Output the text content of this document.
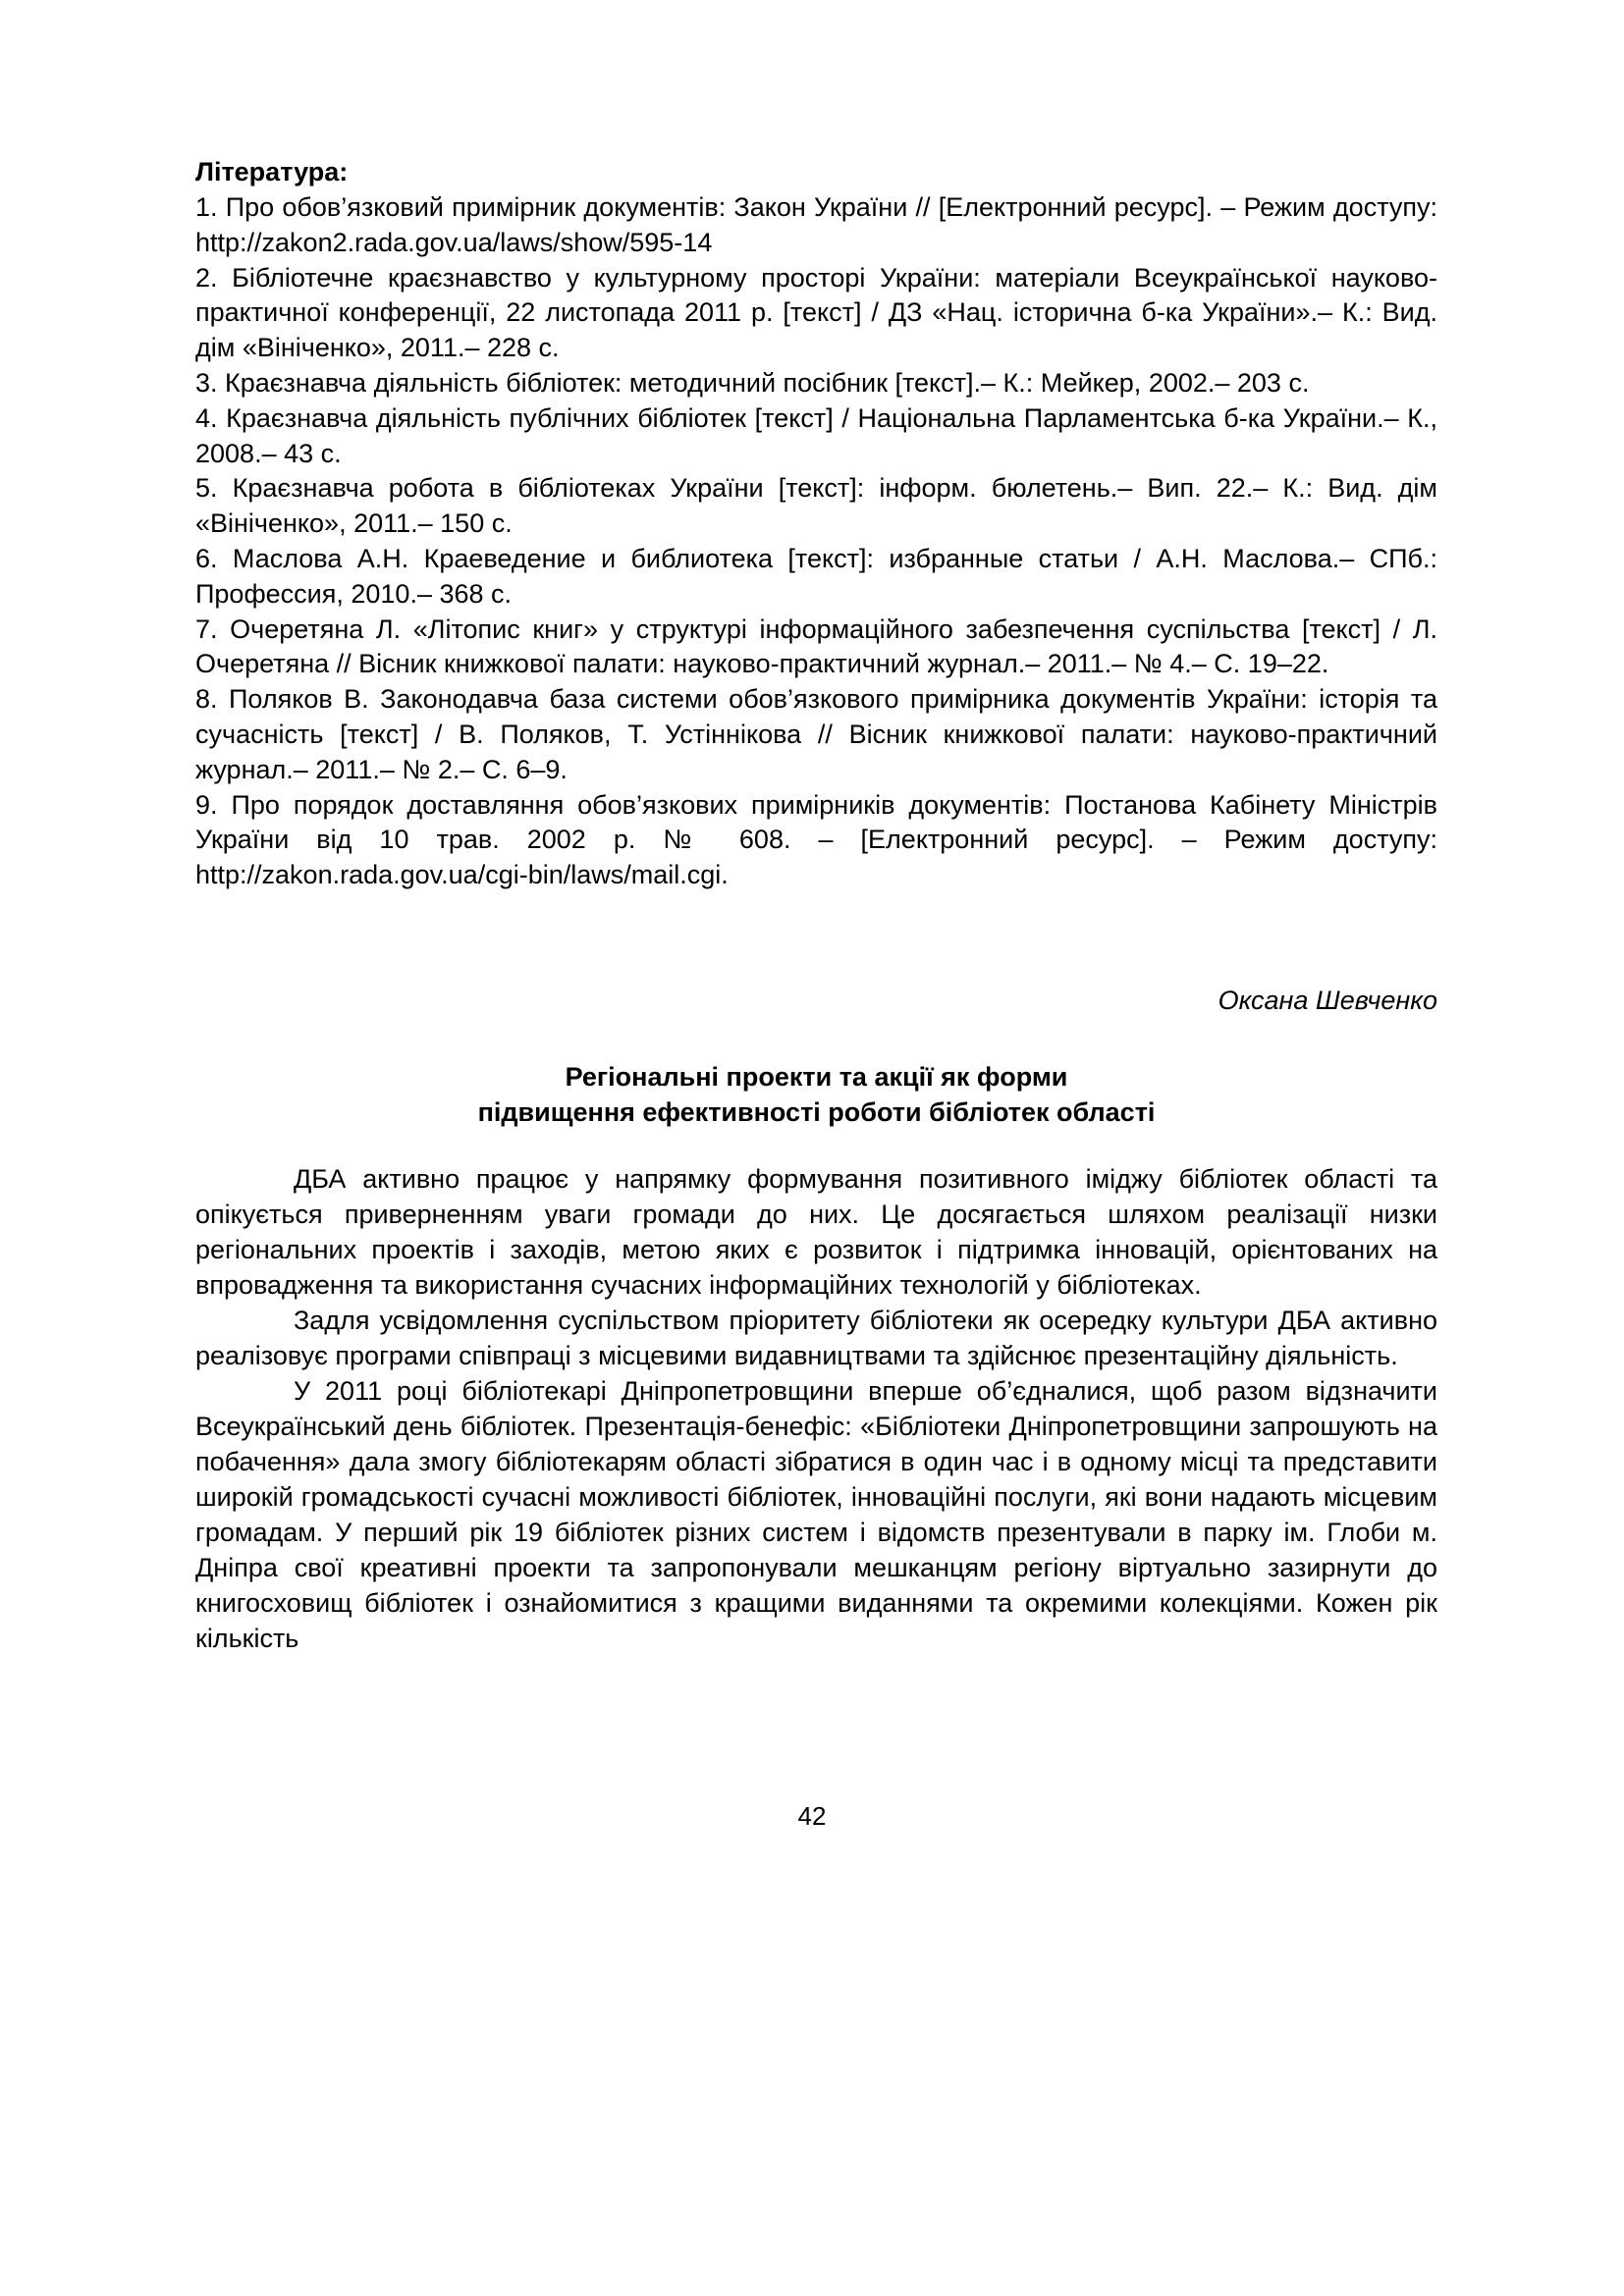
Література:

1. Про обов’язковий примірник документів: Закон України // [Електронний ресурс]. – Режим доступу: http://zakon2.rada.gov.ua/laws/show/595-14

2. Бібліотечне краєзнавство у культурному просторі України: матеріали Всеукраїнської науково-практичної конференції, 22 листопада 2011 р. [текст] / ДЗ «Нац. історична б-ка України».– К.: Вид. дім «Вініченко», 2011.– 228 с.

3. Краєзнавча діяльність бібліотек: методичний посібник [текст].– К.: Мейкер, 2002.– 203 с.

4. Краєзнавча діяльність публічних бібліотек [текст] / Національна Парламентська б-ка України.– К., 2008.– 43 с.

5. Краєзнавча робота в бібліотеках України [текст]: інформ. бюлетень.– Вип. 22.– К.: Вид. дім «Вініченко», 2011.– 150 с.

6. Маслова А.Н. Краеведение и библиотека [текст]: избранные статьи / А.Н. Маслова.– СПб.: Профессия, 2010.– 368 с.

7. Очеретяна Л. «Літопис книг» у структурі інформаційного забезпечення суспільства [текст] / Л. Очеретяна // Вісник книжкової палати: науково-практичний журнал.– 2011.– № 4.– С. 19–22.

8. Поляков В. Законодавча база системи обов’язкового примірника документів України: історія та сучасність [текст] / В. Поляков, Т. Устіннікова // Вісник книжкової палати: науково-практичний журнал.– 2011.– № 2.– С. 6–9.

9. Про порядок доставляння обов’язкових примірників документів: Постанова Кабінету Міністрів України від 10 трав. 2002 р. № 608. – [Електронний ресурс]. – Режим доступу: http://zakon.rada.gov.ua/cgi-bin/laws/mail.cgi.

Оксана Шевченко
Регіональні проекти та акції як форми
підвищення ефективності роботи бібліотек області

ДБА активно працює у напрямку формування позитивного іміджу бібліотек області та опікується приверненням уваги громади до них. Це досягається шляхом реалізації низки регіональних проектів і заходів, метою яких є розвиток і підтримка інновацій, орієнтованих на впровадження та використання сучасних інформаційних технологій у бібліотеках.

Задля усвідомлення суспільством пріоритету бібліотеки як осередку культури ДБА активно реалізовує програми співпраці з місцевими видавництвами та здійснює презентаційну діяльність.

У 2011 році бібліотекарі Дніпропетровщини вперше об’єдналися, щоб разом відзначити Всеукраїнський день бібліотек. Презентація-бенефіс: «Бібліотеки Дніпропетровщини запрошують на побачення» дала змогу бібліотекарям області зібратися в один час і в одному місці та представити широкій громадськості сучасні можливості бібліотек, інноваційні послуги, які вони надають місцевим громадам. У перший рік 19 бібліотек різних систем і відомств презентували в парку ім. Глоби м. Дніпра свої креативні проекти та запропонували мешканцям регіону віртуально зазирнути до книгосховищ бібліотек і ознайомитися з кращими виданнями та окремими колекціями. Кожен рік кількість

42
